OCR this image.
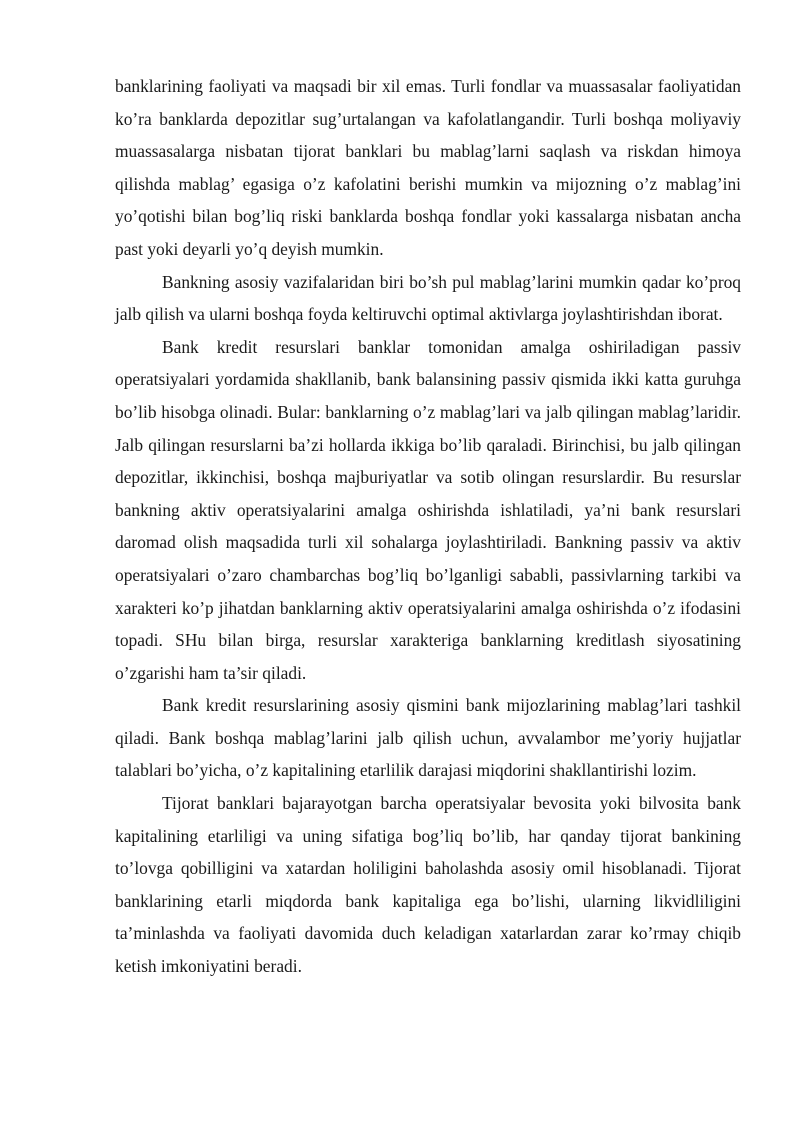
banklarining faoliyati va maqsadi bir xil emas. Turli fondlar va muassasalar faoliyatidan ko’ra banklarda depozitlar sug’urtalangan va kafolatlangandir. Turli boshqa moliyaviy muassasalarga nisbatan tijorat banklari bu mablag’larni saqlash va riskdan himoya qilishda mablag’ egasiga o’z kafolatini berishi mumkin va mijozning o’z mablag’ini yo’qotishi bilan bog’liq riski banklarda boshqa fondlar yoki kassalarga nisbatan ancha past yoki deyarli yo’q deyish mumkin.

Bankning asosiy vazifalaridan biri bo’sh pul mablag’larini mumkin qadar ko’proq jalb qilish va ularni boshqa foyda keltiruvchi optimal aktivlarga joylashtirishdan iborat.

Bank kredit resurslari banklar tomonidan amalga oshiriladigan passiv operatsiyalari yordamida shakllanib, bank balansining passiv qismida ikki katta guruhga bo’lib hisobga olinadi. Bular: banklarning o’z mablag’lari va jalb qilingan mablag’laridir. Jalb qilingan resurslarni ba’zi hollarda ikkiga bo’lib qaraladi. Birinchisi, bu jalb qilingan depozitlar, ikkinchisi, boshqa majburiyatlar va sotib olingan resurslardir. Bu resurslar bankning aktiv operatsiyalarini amalga oshirishda ishlatiladi, ya’ni bank resurslari daromad olish maqsadida turli xil sohalarga joylashtiriladi. Bankning passiv va aktiv operatsiyalari o’zaro chambarchas bog’liq bo’lganligi sababli, passivlarning tarkibi va xarakteri ko’p jihatdan banklarning aktiv operatsiyalarini amalga oshirishda o’z ifodasini topadi. SHu bilan birga, resurslar xarakteriga banklarning kreditlash siyosatining o’zgarishi ham ta’sir qiladi.

Bank kredit resurslarining asosiy qismini bank mijozlarining mablag’lari tashkil qiladi. Bank boshqa mablag’larini jalb qilish uchun, avvalambor me’yoriy hujjatlar talablari bo’yicha, o’z kapitalining etarlilik darajasi miqdorini shakllantirishi lozim.

Tijorat banklari bajarayotgan barcha operatsiyalar bevosita yoki bilvosita bank kapitalining etarliligi va uning sifatiga bog’liq bo’lib, har qanday tijorat bankining to’lovga qobilligini va xatardan holiligini baholashda asosiy omil hisoblanadi. Tijorat banklarining etarli miqdorda bank kapitaliga ega bo’lishi, ularning likvidliligini ta’minlashda va faoliyati davomida duch keladigan xatarlardan zarar ko’rmay chiqib ketish imkoniyatini beradi.
